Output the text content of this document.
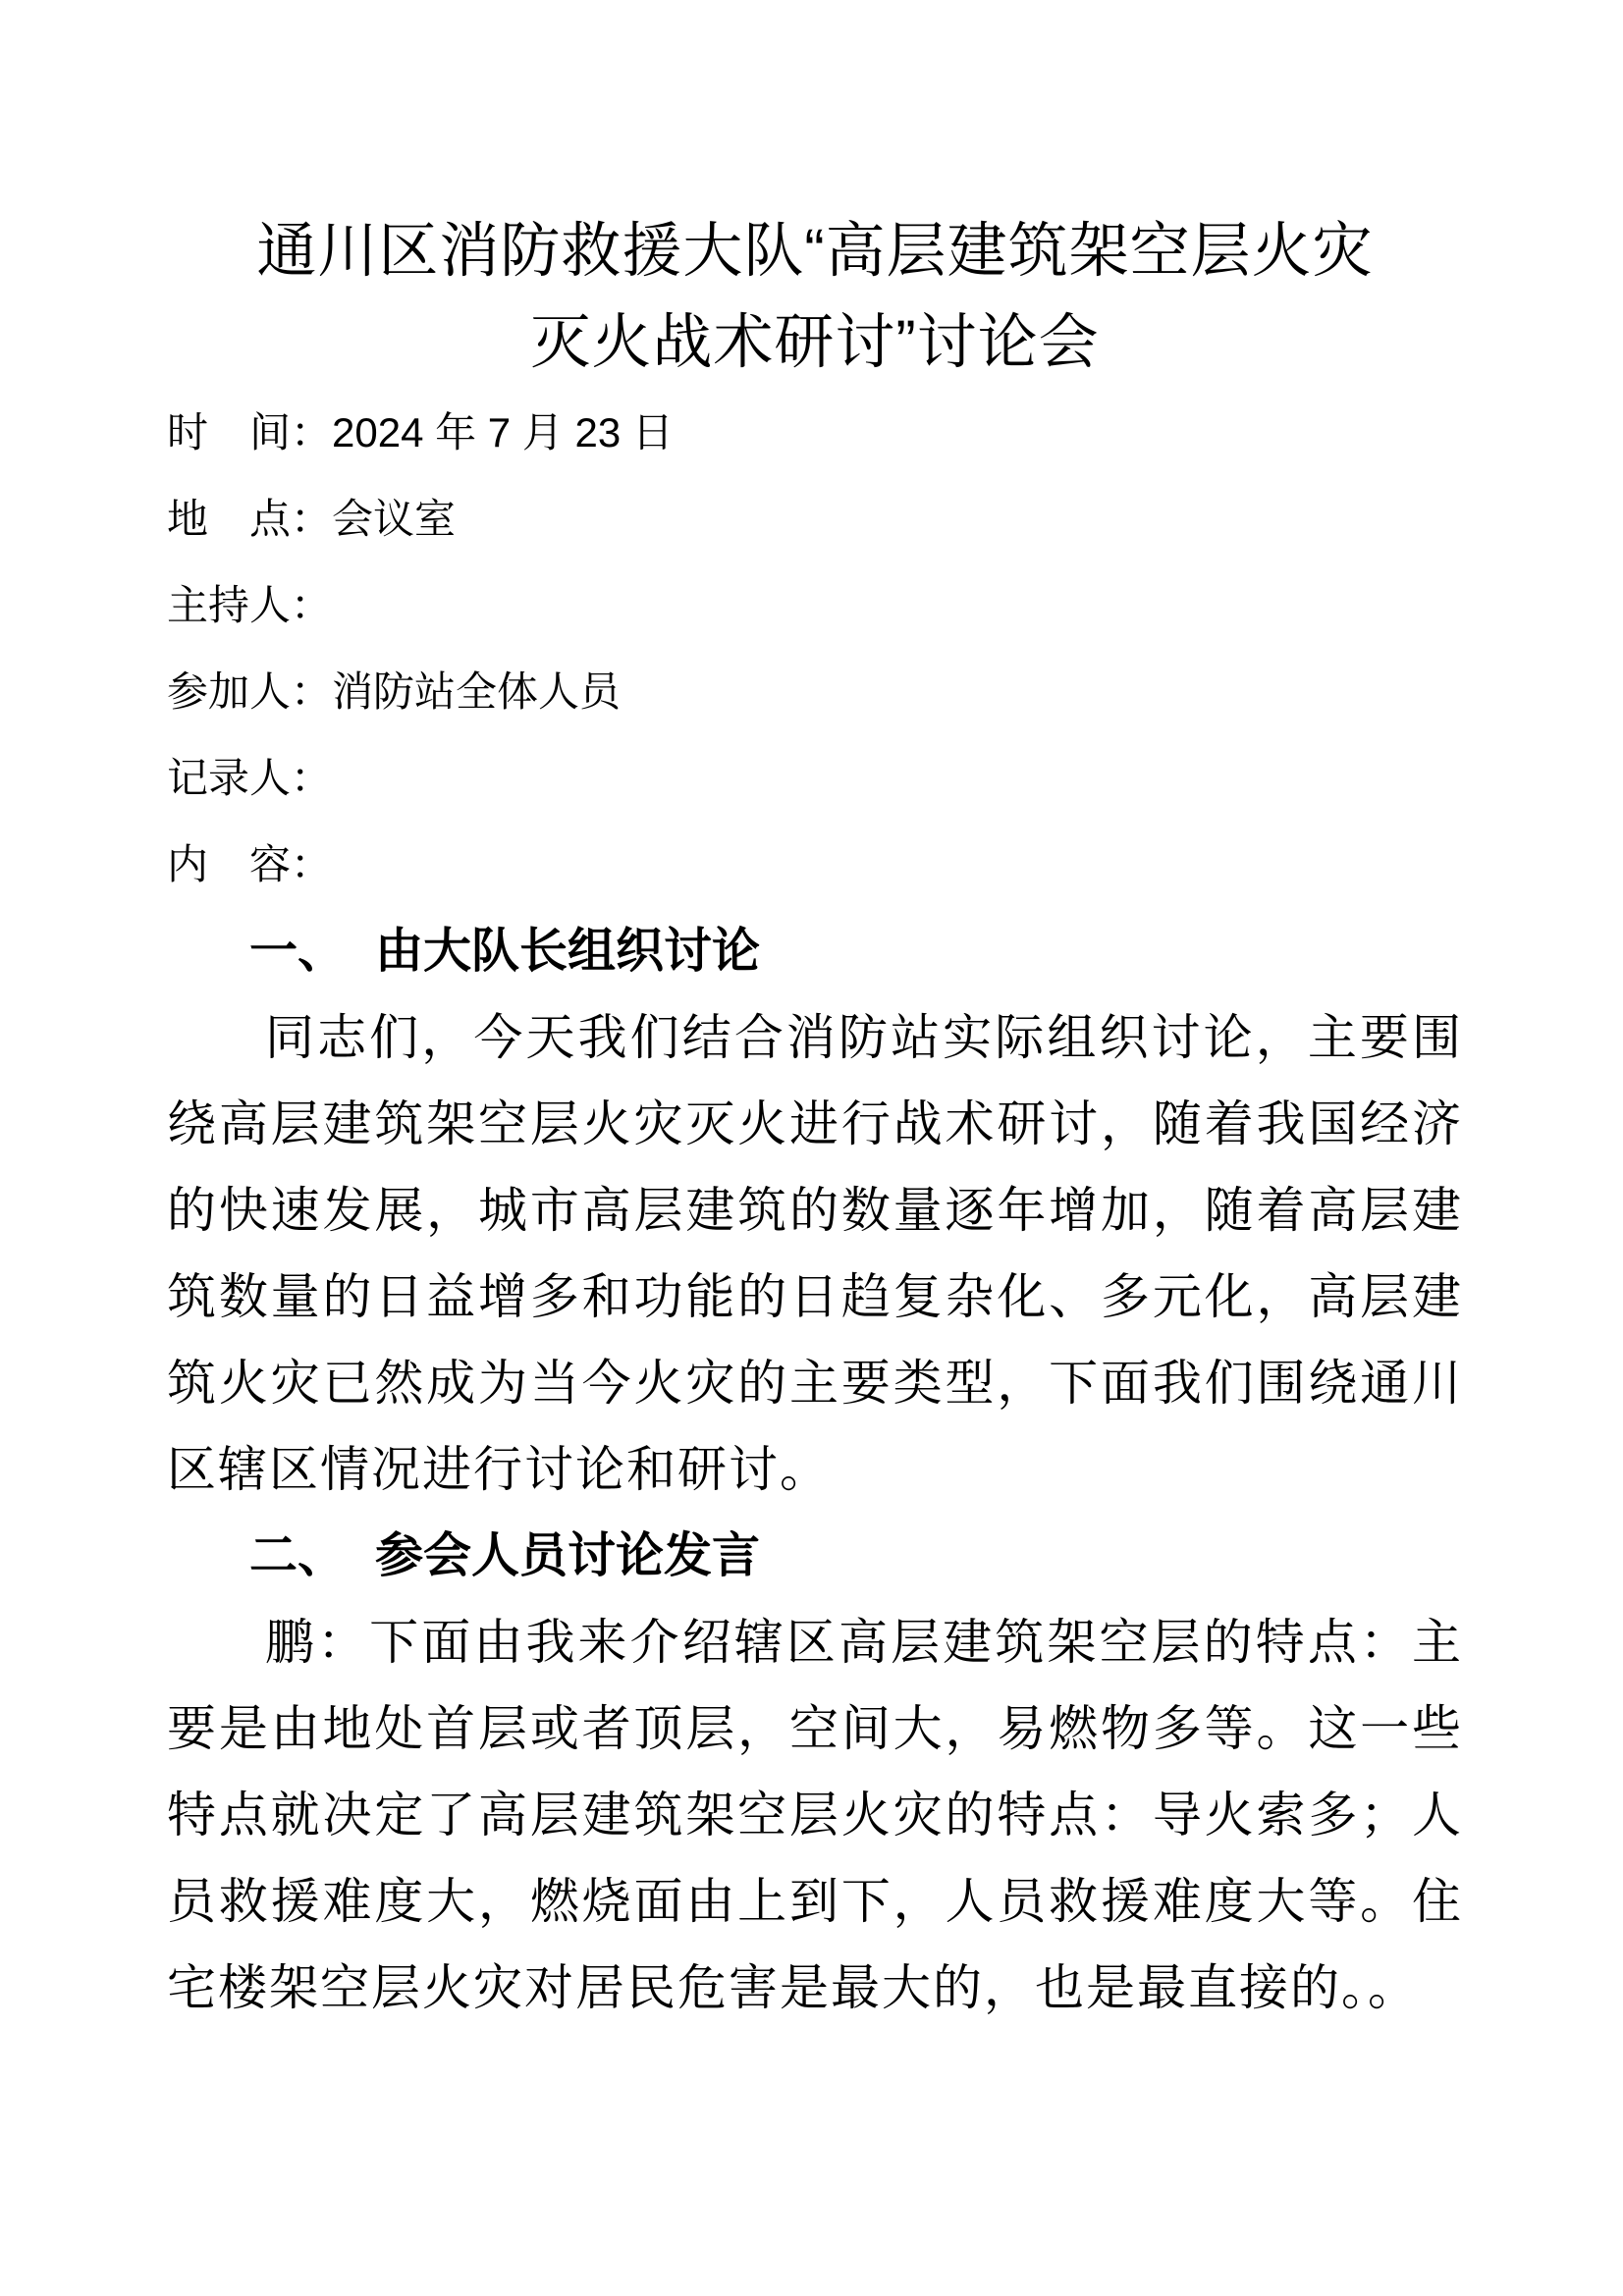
通川区消防救援大队“高层建筑架空层火灾
灭火战术研讨”讨论会
时　间：2024 年 7 月 23 日
地　点：会议室
主持人：
参加人：消防站全体人员
记录人：
内　容：
一、 由大队长组织讨论

同志们，今天我们结合消防站实际组织讨论，主要围绕高层建筑架空层火灾灭火进行战术研讨，随着我国经济的快速发展，城市高层建筑的数量逐年增加，随着高层建筑数量的日益增多和功能的日趋复杂化、多元化，高层建筑火灾已然成为当今火灾的主要类型，下面我们围绕通川区辖区情况进行讨论和研讨。

二、 参会人员讨论发言

鹏：下面由我来介绍辖区高层建筑架空层的特点：主要是由地处首层或者顶层，空间大，易燃物多等。这一些特点就决定了高层建筑架空层火灾的特点：导火索多；人员救援难度大，燃烧面由上到下，人员救援难度大等。住宅楼架空层火灾对居民危害是最大的，也是最直接的。。
